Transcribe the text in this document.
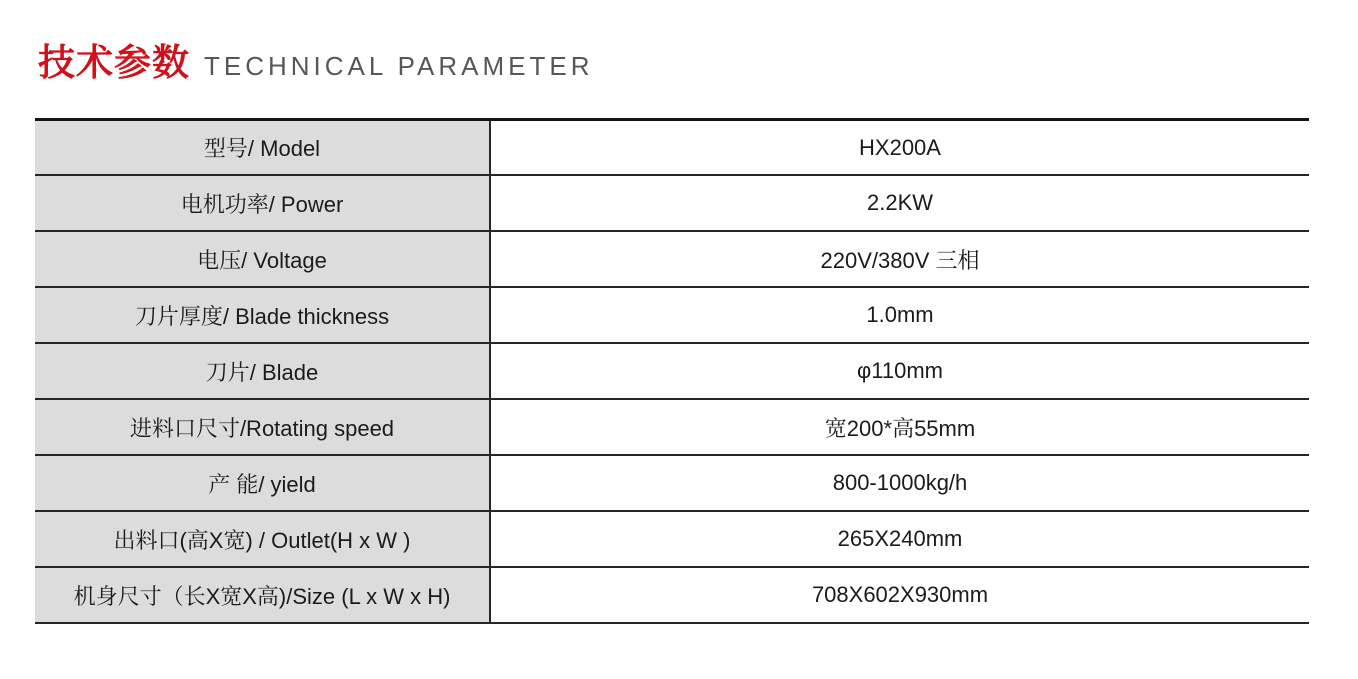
技术参数 TECHNICAL PARAMETER
型号/ Model	HX200A
电机功率/ Power	2.2KW
电压/ Voltage	220V/380V 三相
刀片厚度/ Blade thickness	1.0mm
刀片/ Blade	φ110mm
进料口尺寸/Rotating speed	宽200*高55mm
产 能/ yield	800-1000kg/h
出料口(高X宽) / Outlet(H x W )	265X240mm
机身尺寸（长X宽X高)/Size (L x W x H)	708X602X930mm
